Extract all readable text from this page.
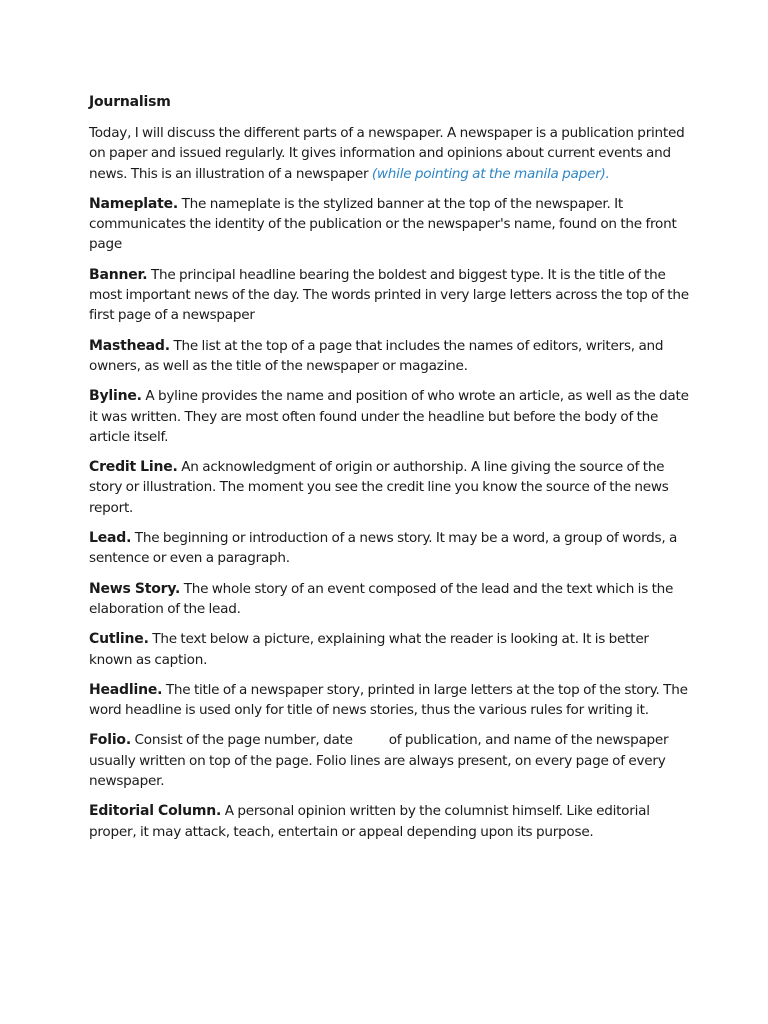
Journalism

Today, I will discuss the different parts of a newspaper. A newspaper is a publication printed on paper and issued regularly. It gives information and opinions about current events and news. This is an illustration of a newspaper (while pointing at the manila paper).

Nameplate. The nameplate is the stylized banner at the top of the newspaper. It communicates the identity of the publication or the newspaper's name, found on the front page

Banner. The principal headline bearing the boldest and biggest type. It is the title of the most important news of the day. The words printed in very large letters across the top of the first page of a newspaper

Masthead. The list at the top of a page that includes the names of editors, writers, and owners, as well as the title of the newspaper or magazine.

Byline. A byline provides the name and position of who wrote an article, as well as the date it was written. They are most often found under the headline but before the body of the article itself.

Credit Line. An acknowledgment of origin or authorship. A line giving the source of the story or illustration. The moment you see the credit line you know the source of the news report.

Lead. The beginning or introduction of a news story. It may be a word, a group of words, a sentence or even a paragraph.

News Story. The whole story of an event composed of the lead and the text which is the elaboration of the lead.

Cutline. The text below a picture, explaining what the reader is looking at. It is better known as caption.

Headline. The title of a newspaper story, printed in large letters at the top of the story. The word headline is used only for title of news stories, thus the various rules for writing it.

Folio. Consist of the page number, date	of publication, and name of the newspaper usually written on top of the page. Folio lines are always present, on every page of every newspaper.

Editorial Column. A personal opinion written by the columnist himself. Like editorial proper, it may attack, teach, entertain or appeal depending upon its purpose.
